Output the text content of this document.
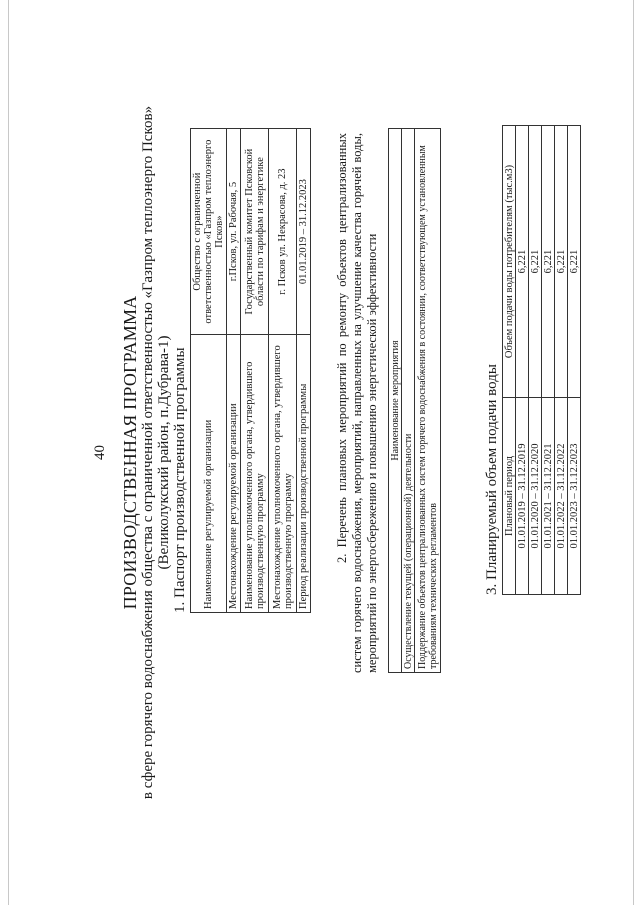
40 ПРОИЗВОДСТВЕННАЯ ПРОГРАММА в сфере горячего водоснабжения общества с ограниченной ответственностью «Газпром теплоэнерго Псков» (Великолукский район, п.Дубрава-1) 1. Паспорт производственной программы Наименование регулируемой организации	Общество с ограниченной ответственностью «Газпром теплоэнерго Псков»
Местонахождение регулируемой организации	г.Псков, ул. Рабочая, 5
Наименование уполномоченного органа, утвердившего производственную программу	Государственный комитет Псковской области по тарифам и энергетике
Местонахождение уполномоченного органа, утвердившего производственную программу	г. Псков ул. Некрасова, д. 23
Период реализации производственной программы	01.01.2019 – 31.12.2023 2. Перечень плановых мероприятий по ремонту объектов централизованных систем горячего водоснабжения, мероприятий, направленных на улучшение качества горячей воды, мероприятий по энергосбережению и повышению энергетической эффективности Наименование мероприятия
Осуществление текущей (операционной) деятельности
Поддержание объектов централизованных систем горячего водоснабжения в состоянии, соответствующем установленным требованиям технических регламентов	3. Планируемый объем подачи воды Плановый период	Объем подачи воды потребителям (тыс.м3)
01.01.2019 – 31.12.2019	6,221
01.01.2020 – 31.12.2020	6,221
01.01.2021 – 31.12.2021	6,221
01.01.2022 – 31.12.2022	6,221
01.01.2023 – 31.12.2023	6,221
